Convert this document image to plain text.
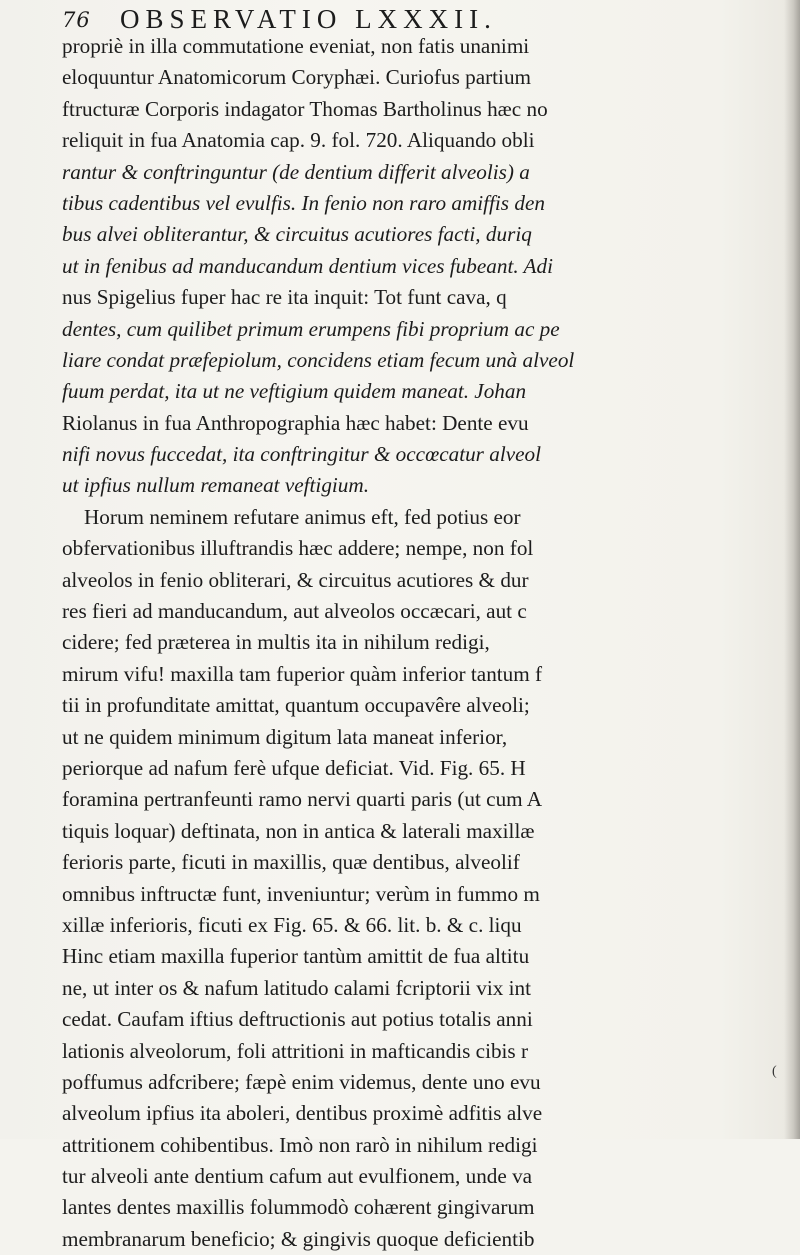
76 OBSERVATIO LXXXII.
propriè in illa commutatione eveniat, non fatis unanimi
eloquuntur Anatomicorum Coryphæi. Curiofus partium
ftructuræ Corporis indagator Thomas Bartholinus hæc no
reliquit in fua Anatomia cap. 9. fol. 720. Aliquando obli
rantur & conftringuntur (de dentium differit alveolis) a
tibus cadentibus vel evulfis. In fenio non raro amiffis den
bus alvei obliterantur, & circuitus acutiores facti, duriq
ut in fenibus ad manducandum dentium vices fubeant. Adi
nus Spigelius fuper hac re ita inquit: Tot funt cava, q
dentes, cum quilibet primum erumpens fibi proprium ac pe
liare condat præfepiolum, concidens etiam fecum unà alveol
fuum perdat, ita ut ne veftigium quidem maneat. Johan
Riolanus in fua Anthropographia hæc habet: Dente evu
nifi novus fuccedat, ita conftringitur & occœcatur alveol
ut ipfius nullum remaneat veftigium.
Horum neminem refutare animus eft, fed potius eor
obfervationibus illuftrandis hæc addere; nempe, non fol
alveolos in fenio obliterari, & circuitus acutiores & dur
res fieri ad manducandum, aut alveolos occæcari, aut c
cidere; fed præterea in multis ita in nihilum redigi,
mirum vifu! maxilla tam fuperior quàm inferior tantum f
tii in profunditate amittat, quantum occupavêre alveoli;
ut ne quidem minimum digitum lata maneat inferior,
periorque ad nafum ferè ufque deficiat. Vid. Fig. 65. H
foramina pertranfeunti ramo nervi quarti paris (ut cum A
tiquis loquar) deftinata, non in antica & laterali maxillæ
ferioris parte, ficuti in maxillis, quæ dentibus, alveolif
omnibus inftructæ funt, inveniuntur; verùm in fummo m
xillæ inferioris, ficuti ex Fig. 65. & 66. lit. b. & c. liqu
Hinc etiam maxilla fuperior tantùm amittit de fua altitu
ne, ut inter os & nafum latitudo calami fcriptorii vix int
cedat. Caufam iftius deftructionis aut potius totalis anni
lationis alveolorum, foli attritioni in mafticandis cibis r
poffumus adfcribere; fæpè enim videmus, dente uno evu
alveolum ipfius ita aboleri, dentibus proximè adfitis alve
attritionem cohibentibus. Imò non rarò in nihilum redigi
tur alveoli ante dentium cafum aut evulfionem, unde va
lantes dentes maxillis folummodò cohærent gingivarum
membranarum beneficio; & gingivis quoque deficientib
(
